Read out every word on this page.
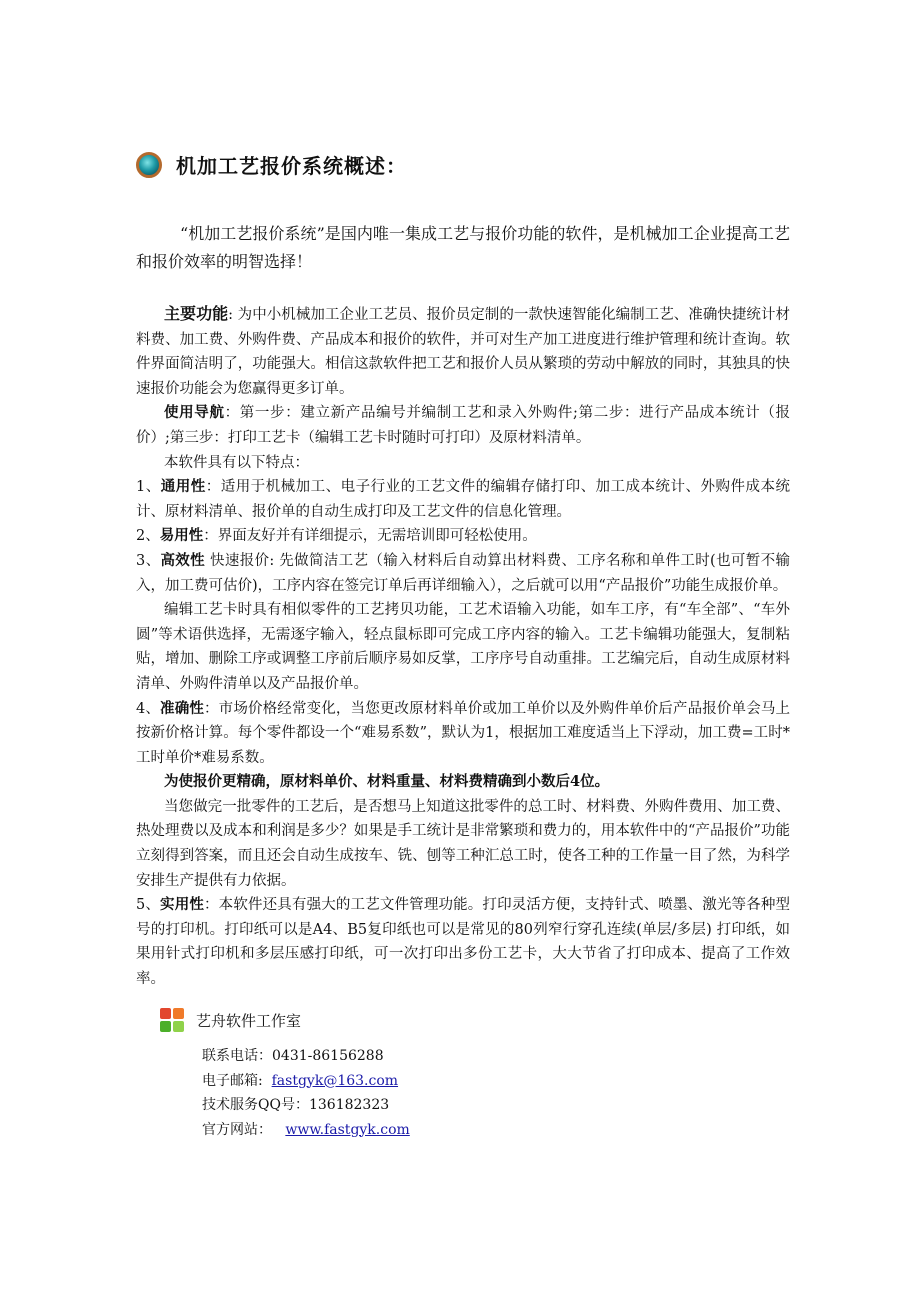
机加工艺报价系统概述：

“机加工艺报价系统”是国内唯一集成工艺与报价功能的软件，是机械加工企业提高工艺和报价效率的明智选择！

主要功能: 为中小机械加工企业工艺员、报价员定制的一款快速智能化编制工艺、准确快捷统计材料费、加工费、外购件费、产品成本和报价的软件，并可对生产加工进度进行维护管理和统计查询。软件界面简洁明了，功能强大。相信这款软件把工艺和报价人员从繁琐的劳动中解放的同时，其独具的快速报价功能会为您赢得更多订单。

使用导航：第一步：建立新产品编号并编制工艺和录入外购件;第二步：进行产品成本统计（报价）;第三步：打印工艺卡（编辑工艺卡时随时可打印）及原材料清单。

本软件具有以下特点：

1、通用性：适用于机械加工、电子行业的工艺文件的编辑存储打印、加工成本统计、外购件成本统计、原材料清单、报价单的自动生成打印及工艺文件的信息化管理。

2、易用性：界面友好并有详细提示，无需培训即可轻松使用。

3、高效性 快速报价: 先做简洁工艺（输入材料后自动算出材料费、工序名称和单件工时(也可暂不输入，加工费可估价)，工序内容在签完订单后再详细输入），之后就可以用“产品报价”功能生成报价单。

编辑工艺卡时具有相似零件的工艺拷贝功能，工艺术语输入功能，如车工序，有“车全部”、“车外圆”等术语供选择，无需逐字输入，轻点鼠标即可完成工序内容的输入。工艺卡编辑功能强大，复制粘贴，增加、删除工序或调整工序前后顺序易如反掌，工序序号自动重排。工艺编完后，自动生成原材料清单、外购件清单以及产品报价单。

4、准确性：市场价格经常变化，当您更改原材料单价或加工单价以及外购件单价后产品报价单会马上按新价格计算。每个零件都设一个“难易系数”，默认为1，根据加工难度适当上下浮动，加工费=工时*工时单价*难易系数。

为使报价更精确，原材料单价、材料重量、材料费精确到小数后4位。

当您做完一批零件的工艺后，是否想马上知道这批零件的总工时、材料费、外购件费用、加工费、热处理费以及成本和利润是多少？如果是手工统计是非常繁琐和费力的，用本软件中的“产品报价”功能立刻得到答案，而且还会自动生成按车、铣、刨等工种汇总工时，使各工种的工作量一目了然，为科学安排生产提供有力依据。

5、实用性：本软件还具有强大的工艺文件管理功能。打印灵活方便，支持针式、喷墨、激光等各种型号的打印机。打印纸可以是A4、B5复印纸也可以是常见的80列窄行穿孔连续(单层/多层) 打印纸，如果用针式打印机和多层压感打印纸，可一次打印出多份工艺卡，大大节省了打印成本、提高了工作效率。

艺舟软件工作室
联系电话： 0431-86156288
电子邮箱: fastgyk@163.com
技术服务QQ号： 136182323
官方网站： www.fastgyk.com
